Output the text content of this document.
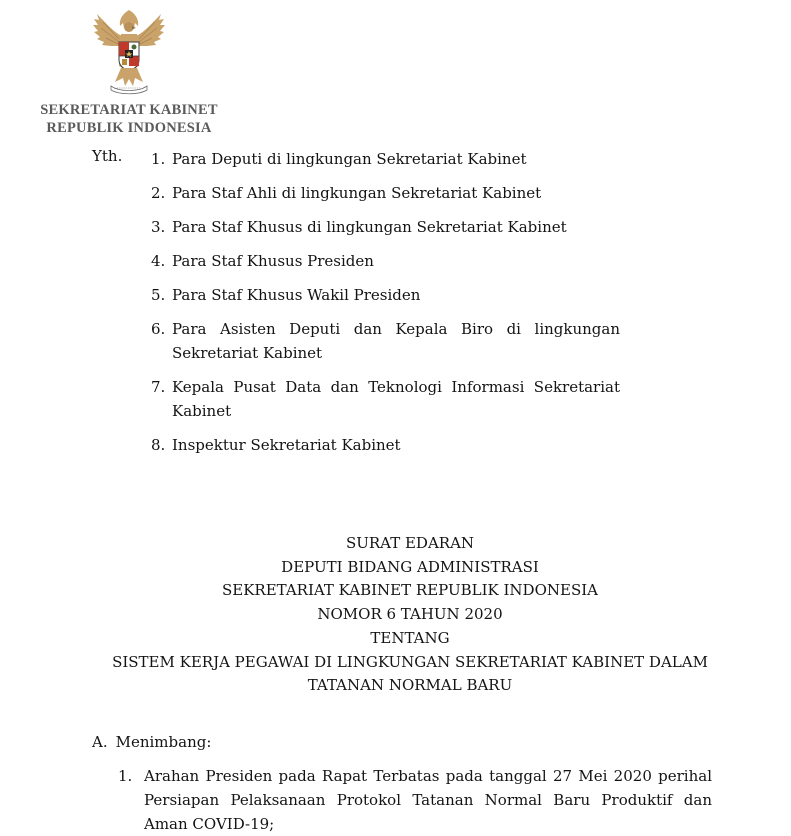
SEKRETARIAT KABINET
REPUBLIK INDONESIA
Yth. 1. Para Deputi di lingkungan Sekretariat Kabinet
2. Para Staf Ahli di lingkungan Sekretariat Kabinet
3. Para Staf Khusus di lingkungan Sekretariat Kabinet
4. Para Staf Khusus Presiden
5. Para Staf Khusus Wakil Presiden
6. Para Asisten Deputi dan Kepala Biro di lingkungan Sekretariat Kabinet
7. Kepala Pusat Data dan Teknologi Informasi Sekretariat Kabinet
8. Inspektur Sekretariat Kabinet
SURAT EDARAN
DEPUTI BIDANG ADMINISTRASI
SEKRETARIAT KABINET REPUBLIK INDONESIA
NOMOR 6 TAHUN 2020
TENTANG
SISTEM KERJA PEGAWAI DI LINGKUNGAN SEKRETARIAT KABINET DALAM
TATANAN NORMAL BARU
A. Menimbang:
1. Arahan Presiden pada Rapat Terbatas pada tanggal 27 Mei 2020 perihal Persiapan Pelaksanaan Protokol Tatanan Normal Baru Produktif dan Aman COVID-19;
